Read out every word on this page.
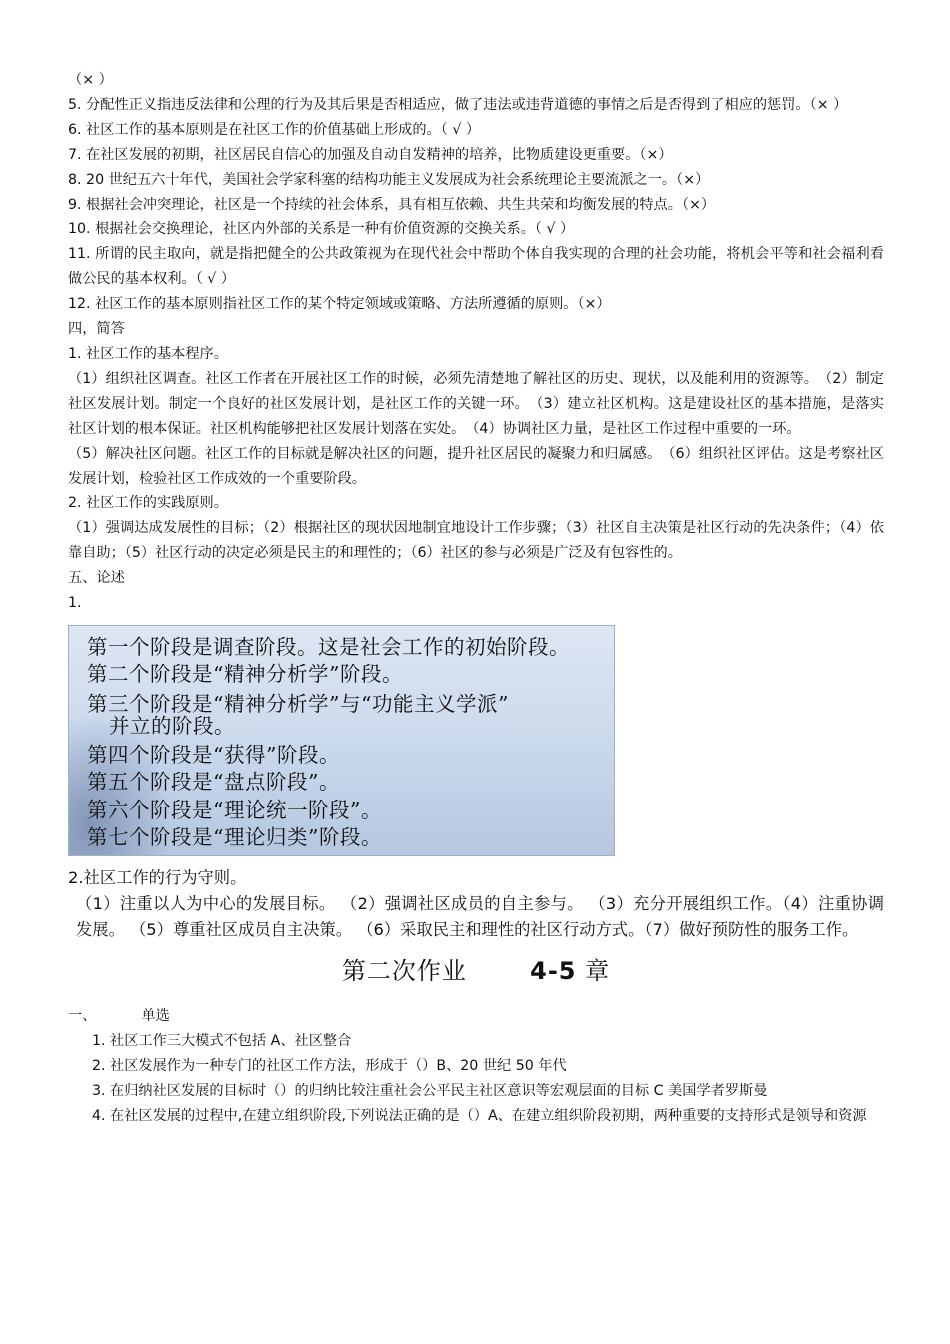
（× ）

5. 分配性正义指违反法律和公理的行为及其后果是否相适应，做了违法或违背道德的事情之后是否得到了相应的惩罚。（× ）

6. 社区工作的基本原则是在社区工作的价值基础上形成的。（ √ ）

7. 在社区发展的初期，社区居民自信心的加强及自动自发精神的培养，比物质建设更重要。（×）

8. 20 世纪五六十年代，美国社会学家科塞的结构功能主义发展成为社会系统理论主要流派之一。（×）

9. 根据社会冲突理论，社区是一个持续的社会体系，具有相互依赖、共生共荣和均衡发展的特点。（×）

10. 根据社会交换理论，社区内外部的关系是一种有价值资源的交换关系。（ √ ）

11. 所谓的民主取向，就是指把健全的公共政策视为在现代社会中帮助个体自我实现的合理的社会功能，将机会平等和社会福利看做公民的基本权利。（ √ ）

12. 社区工作的基本原则指社区工作的某个特定领域或策略、方法所遵循的原则。（×）

四，简答

1. 社区工作的基本程序。

（1）组织社区调查。社区工作者在开展社区工作的时候，必须先清楚地了解社区的历史、现状，以及能利用的资源等。　（2）制定社区发展计划。制定一个良好的社区发展计划，是社区工作的关键一环。　（3）建立社区机构。这是建设社区的基本措施，是落实社区计划的根本保证。社区机构能够把社区发展计划落在实处。　（4）协调社区力量，是社区工作过程中重要的一环。

（5）解决社区问题。社区工作的目标就是解决社区的问题，提升社区居民的凝聚力和归属感。　（6）组织社区评估。这是考察社区发展计划，检验社区工作成效的一个重要阶段。

2. 社区工作的实践原则。

（1）强调达成发展性的目标；（2）根据社区的现状因地制宜地设计工作步骤；（3）社区自主决策是社区行动的先决条件；（4）依靠自助；（5）社区行动的决定必须是民主的和理性的；（6）社区的参与必须是广泛及有包容性的。

五、论述

1.

第一个阶段是调查阶段。这是社会工作的初始阶段。
第二个阶段是“精神分析学”阶段。
第三个阶段是“精神分析学”与“功能主义学派”
并立的阶段。
第四个阶段是“获得”阶段。
第五个阶段是“盘点阶段”。
第六个阶段是“理论统一阶段”。
第七个阶段是“理论归类”阶段。

2.社区工作的行为守则。

（1）注重以人为中心的发展目标。 （2）强调社区成员的自主参与。 （3）充分开展组织工作。（4）注重协调发展。 （5）尊重社区成员自主决策。 （6）采取民主和理性的社区行动方式。（7）做好预防性的服务工作。

第二次作业	4-5 章

一、	单选

1. 社区工作三大模式不包括 A、社区整合

2. 社区发展作为一种专门的社区工作方法，形成于（）B、20 世纪 50 年代

3. 在归纳社区发展的目标时（）的归纳比较注重社会公平民主社区意识等宏观层面的目标 C 美国学者罗斯曼

4. 在社区发展的过程中,在建立组织阶段,下列说法正确的是（）A、在建立组织阶段初期，两种重要的支持形式是领导和资源
